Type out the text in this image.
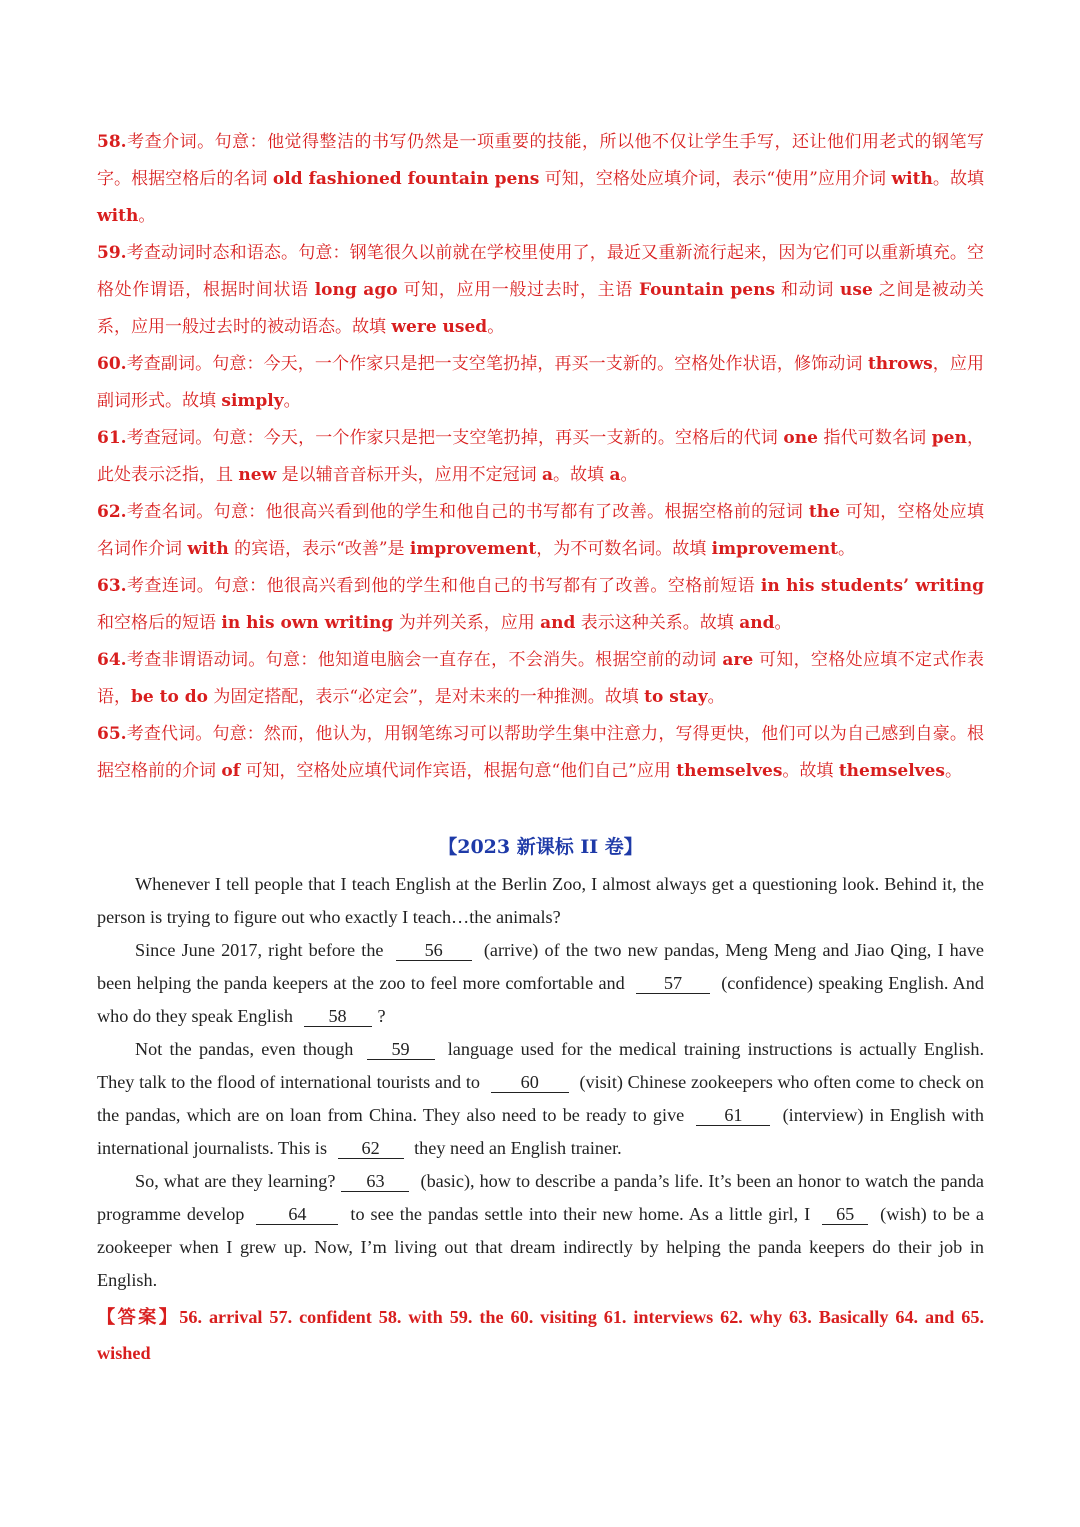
58.考查介词。句意：他觉得整洁的书写仍然是一项重要的技能，所以他不仅让学生手写，还让他们用老式的钢笔写字。根据空格后的名词 old fashioned fountain pens 可知，空格处应填介词，表示“使用”应用介词 with。故填 with。

59.考查动词时态和语态。句意：钢笔很久以前就在学校里使用了，最近又重新流行起来，因为它们可以重新填充。空格处作谓语，根据时间状语 long ago 可知，应用一般过去时，主语 Fountain pens 和动词 use 之间是被动关系，应用一般过去时的被动语态。故填 were used。

60.考查副词。句意：今天，一个作家只是把一支空笔扔掉，再买一支新的。空格处作状语，修饰动词 throws，应用副词形式。故填 simply。

61.考查冠词。句意：今天，一个作家只是把一支空笔扔掉，再买一支新的。空格后的代词 one 指代可数名词 pen，此处表示泛指，且 new 是以辅音音标开头，应用不定冠词 a。故填 a。

62.考查名词。句意：他很高兴看到他的学生和他自己的书写都有了改善。根据空格前的冠词 the 可知，空格处应填名词作介词 with 的宾语，表示“改善”是 improvement，为不可数名词。故填 improvement。

63.考查连词。句意：他很高兴看到他的学生和他自己的书写都有了改善。空格前短语 in his students’ writing 和空格后的短语 in his own writing 为并列关系，应用 and 表示这种关系。故填 and。

64.考查非谓语动词。句意：他知道电脑会一直存在，不会消失。根据空前的动词 are 可知，空格处应填不定式作表语，be to do 为固定搭配，表示“必定会”，是对未来的一种推测。故填 to stay。

65.考查代词。句意：然而，他认为，用钢笔练习可以帮助学生集中注意力，写得更快，他们可以为自己感到自豪。根据空格前的介词 of 可知，空格处应填代词作宾语，根据句意“他们自己”应用 themselves。故填 themselves。

【2023 新课标 II 卷】

Whenever I tell people that I teach English at the Berlin Zoo, I almost always get a questioning look. Behind it, the person is trying to figure out who exactly I teach…the animals?

Since June 2017, right before the 56 (arrive) of the two new pandas, Meng Meng and Jiao Qing, I have been helping the panda keepers at the zoo to feel more comfortable and 57 (confidence) speaking English. And who do they speak English 58 ?

Not the pandas, even though 59 language used for the medical training instructions is actually English. They talk to the flood of international tourists and to 60 (visit) Chinese zookeepers who often come to check on the pandas, which are on loan from China. They also need to be ready to give 61 (interview) in English with international journalists. This is 62 they need an English trainer.

So, what are they learning? 63 (basic), how to describe a panda’s life. It’s been an honor to watch the panda programme develop 64 to see the pandas settle into their new home. As a little girl, I 65 (wish) to be a zookeeper when I grew up. Now, I’m living out that dream indirectly by helping the panda keepers do their job in English.

【答案】56. arrival 57. confident 58. with 59. the 60. visiting 61. interviews 62. why 63. Basically 64. and 65. wished
